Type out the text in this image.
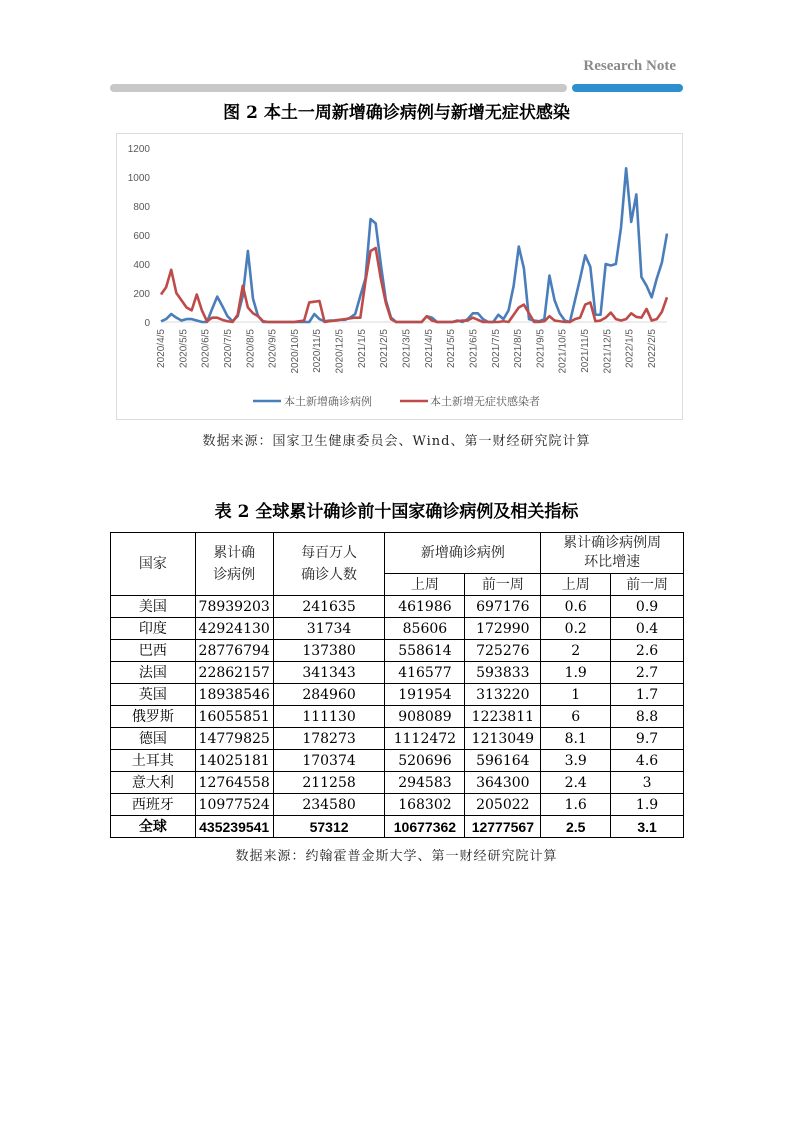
Research Note
图 2 本土一周新增确诊病例与新增无症状感染
0
200
400
600
800
1000
1200
2020/4/5 2020/5/5 2020/6/5 2020/7/5 2020/8/5 2020/9/5 2020/10/5 2020/11/5 2020/12/5 2021/1/5 2021/2/5 2021/3/5 2021/4/5 2021/5/5 2021/6/5 2021/7/5 2021/8/5 2021/9/5 2021/10/5 2021/11/5 2021/12/5 2022/1/5 2022/2/5
本土新增确诊病例	本土新增无症状感染者
数据来源：国家卫生健康委员会、Wind、第一财经研究院计算
表 2 全球累计确诊前十国家确诊病例及相关指标
国家	累计确诊病例	每百万人确诊人数	新增确诊病例		累计确诊病例周环比增速	
			上周	前一周	上周	前一周
美国	78939203	241635	461986	697176	0.6	0.9
印度	42924130	31734	85606	172990	0.2	0.4
巴西	28776794	137380	558614	725276	2	2.6
法国	22862157	341343	416577	593833	1.9	2.7
英国	18938546	284960	191954	313220	1	1.7
俄罗斯	16055851	111130	908089	1223811	6	8.8
德国	14779825	178273	1112472	1213049	8.1	9.7
土耳其	14025181	170374	520696	596164	3.9	4.6
意大利	12764558	211258	294583	364300	2.4	3
西班牙	10977524	234580	168302	205022	1.6	1.9
全球	435239541	57312	10677362	12777567	2.5	3.1
数据来源：约翰霍普金斯大学、第一财经研究院计算
